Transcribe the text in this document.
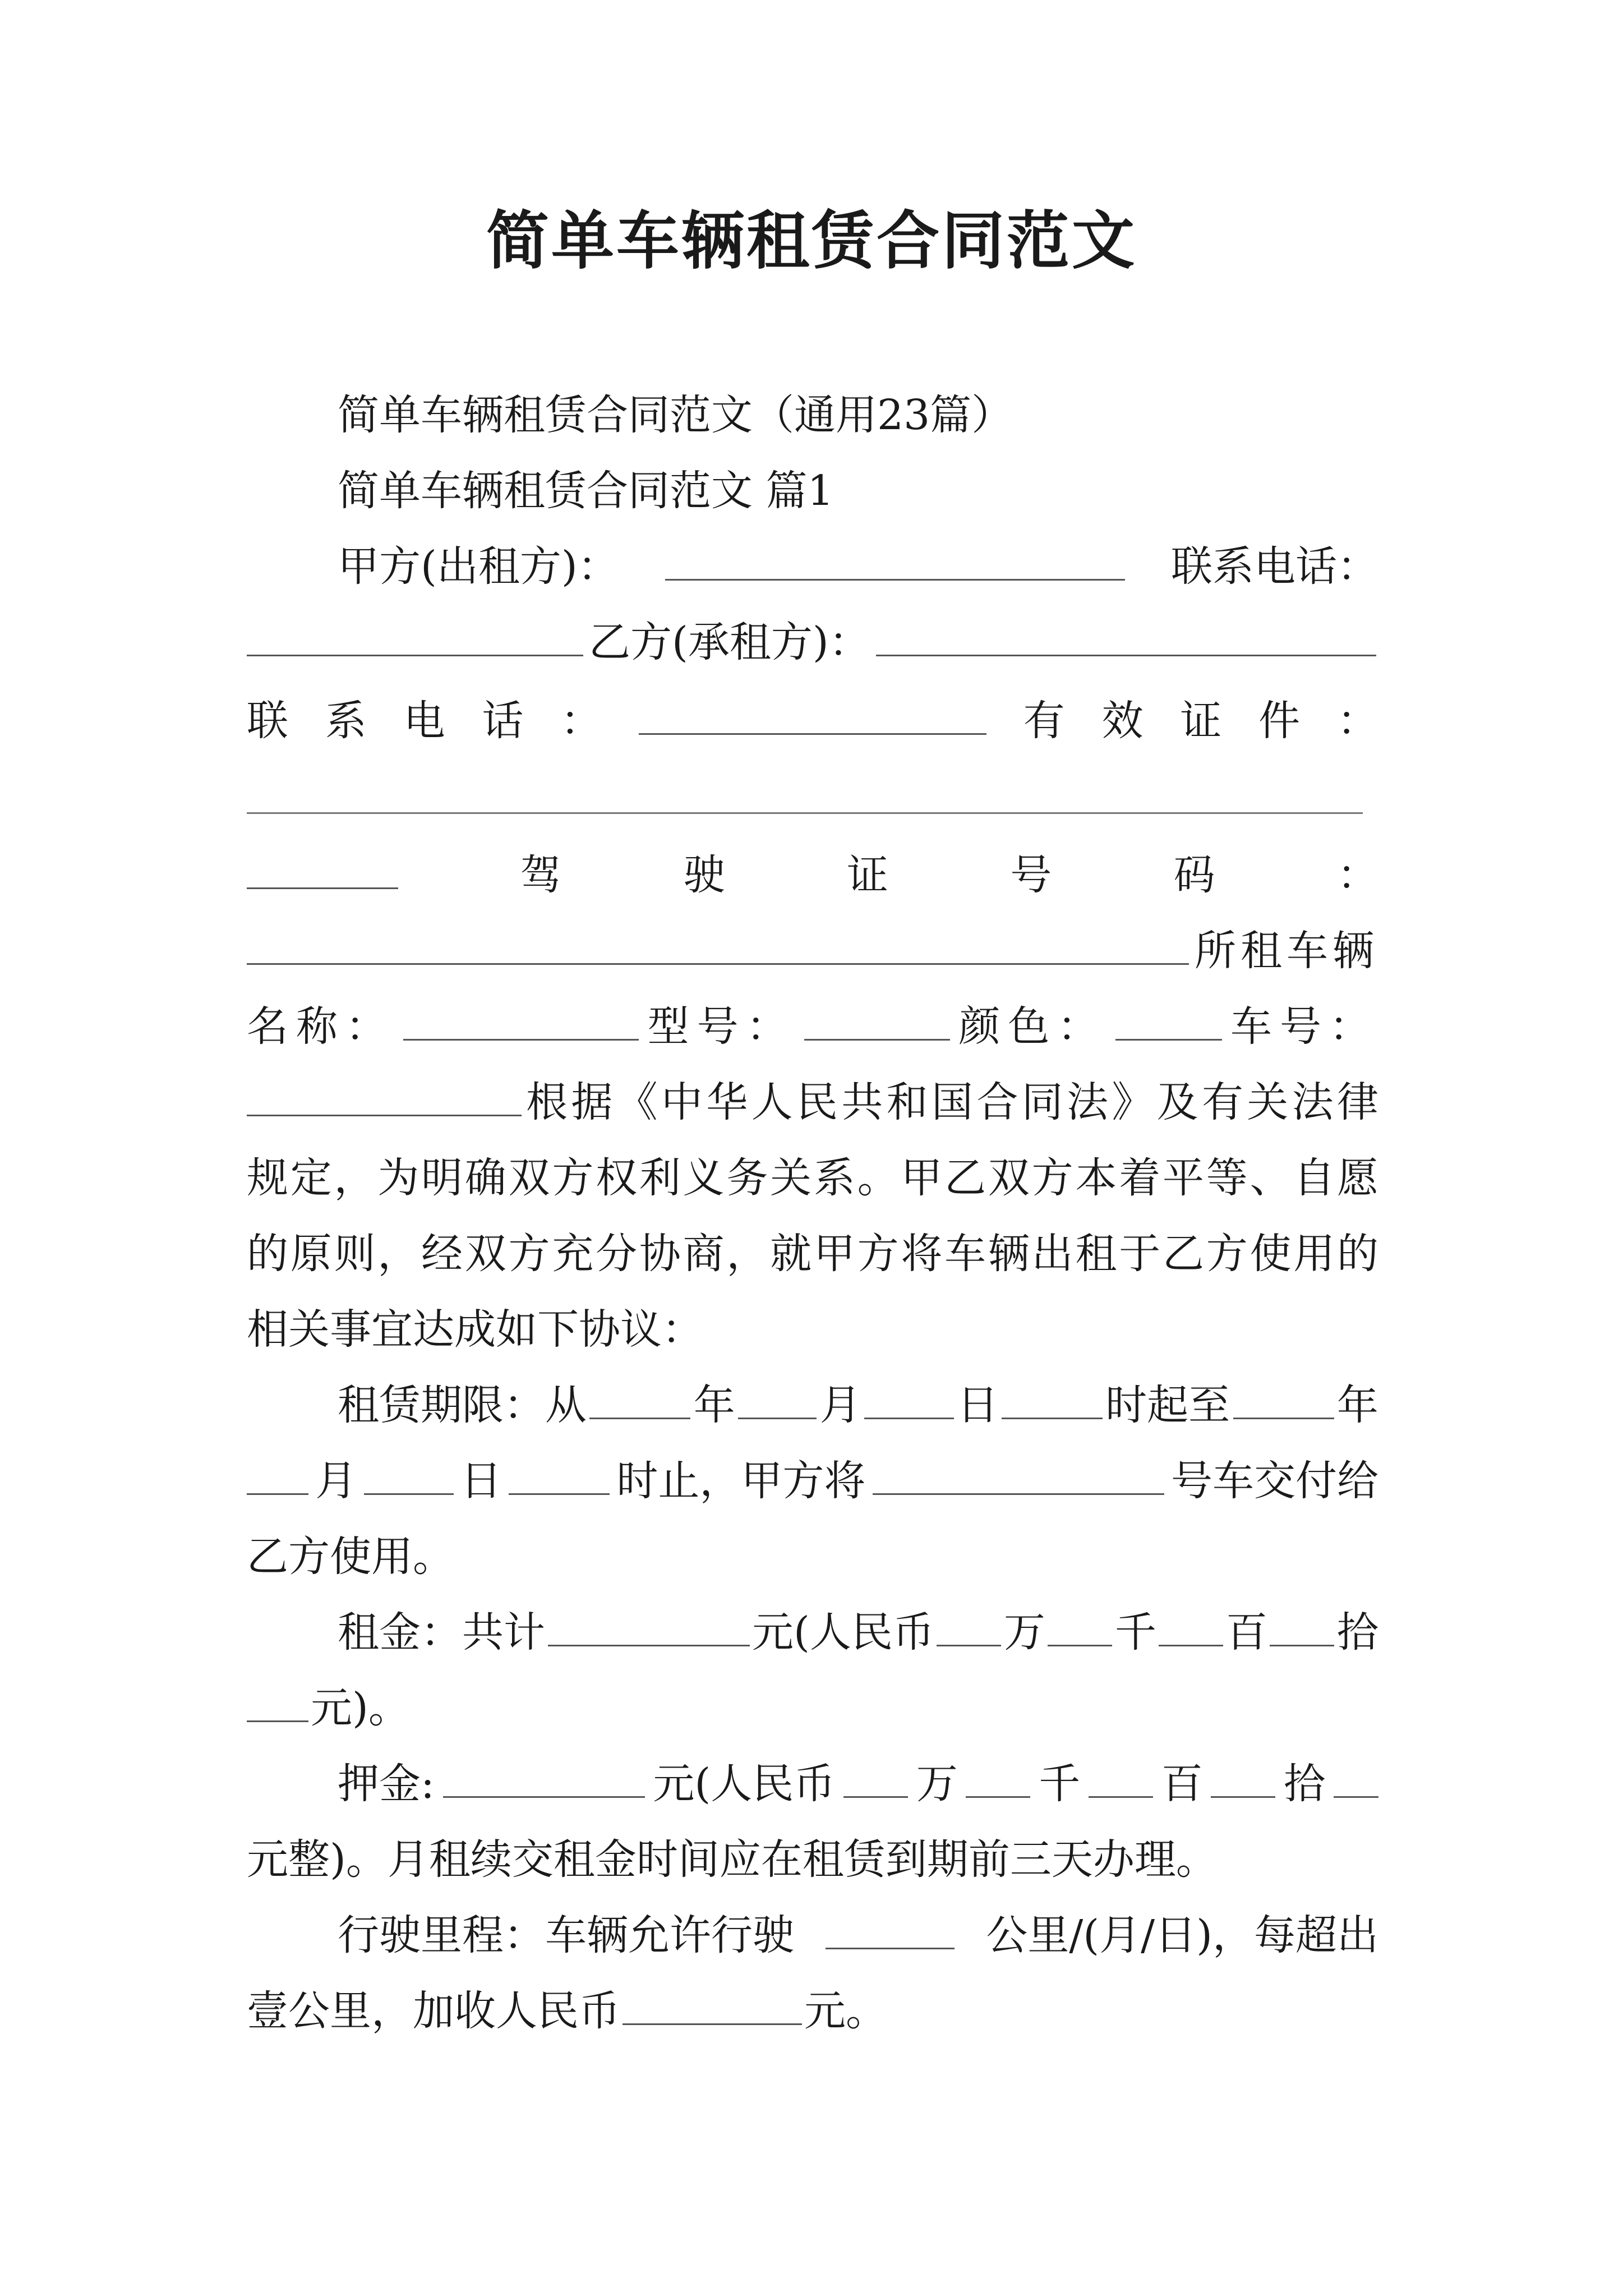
简单车辆租赁合同范文
简单车辆租赁合同范文（通用23篇）
简单车辆租赁合同范文 篇1
甲方(出租方)：	联系电话：
乙方(承租方)：
联 系 电 话 ：	有 效 证 件 ：
驾	驶	证	号	码	：
所租车辆
名称：	型号：	颜色：	车号：
根据《中华人民共和国合同法》及有关法律
规定，为明确双方权利义务关系。甲乙双方本着平等、自愿
的原则，经双方充分协商，就甲方将车辆出租于乙方使用的
相关事宜达成如下协议：
租赁期限：从	年 月 日	时起至	年
月 日	时止，甲方将	号车交付给
乙方使用。
租金：共计	元(人民币 万 千 百 拾
元)。
押金:	元(人民币 万 千 百 拾
元整)。月租续交租金时间应在租赁到期前三天办理。
行驶里程：车辆允许行驶	公里/(月/日)，每超出
壹公里，加收人民币	元。
